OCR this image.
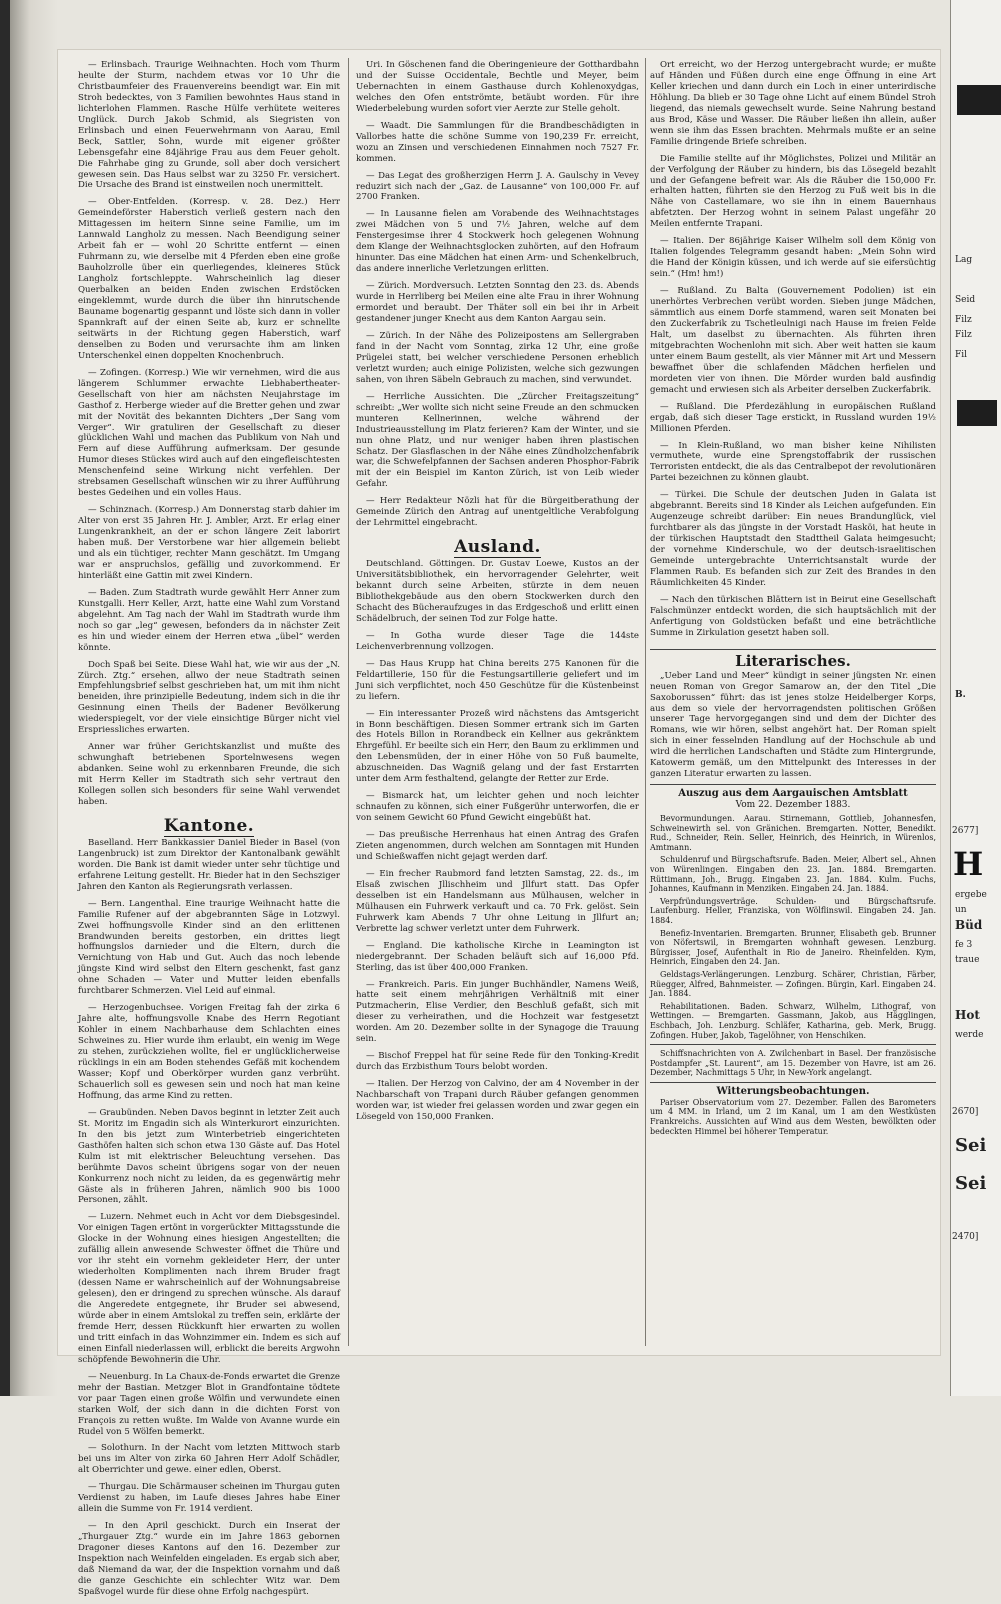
— Erlinsbach. Traurige Weihnachten. Hoch vom Thurm heulte der Sturm, nachdem etwas vor 10 Uhr die Christbaumfeier des Frauenvereins beendigt war. Ein mit Stroh bedecktes, von 3 Familien bewohntes Haus stand in lichterlohen Flammen. Rasche Hülfe verhütete weiteres Unglück. Durch Jakob Schmid, als Siegristen von Erlinsbach und einen Feuerwehrmann von Aarau, Emil Beck, Sattler, Sohn, wurde mit eigener größter Lebensgefahr eine 84jährige Frau aus dem Feuer geholt. Die Fahrhabe ging zu Grunde, soll aber doch versichert gewesen sein. Das Haus selbst war zu 3250 Fr. versichert. Die Ursache des Brand ist einstweilen noch unermittelt.

— Ober-Entfelden. (Korresp. v. 28. Dez.) Herr Gemeindeförster Haberstich verließ gestern nach den Mittagessen im heitern Sinne seine Familie, um im Lannwald Langholz zu messen. Nach Beendigung seiner Arbeit fah er — wohl 20 Schritte entfernt — einen Fuhrmann zu, wie derselbe mit 4 Pferden eben eine große Bauholzrolle über ein querliegendes, kleineres Stück Langholz fortschleppte. Wahrscheinlich lag dieser Querbalken an beiden Enden zwischen Erdstöcken eingeklemmt, wurde durch die über ihn hinrutschende Bauname bogenartig gespannt und löste sich dann in voller Spannkraft auf der einen Seite ab, kurz er schnellte seitwärts in der Richtung gegen Haberstich, warf denselben zu Boden und verursachte ihm am linken Unterschenkel einen doppelten Knochenbruch.

— Zofingen. (Korresp.) Wie wir vernehmen, wird die aus längerem Schlummer erwachte Liebhabertheater-Gesellschaft von hier am nächsten Neujahrstage im Gasthof z. Herberge wieder auf die Bretter gehen und zwar mit der Novität des bekannten Dichters „Der Sang vom Verger“. Wir gratuliren der Gesellschaft zu dieser glücklichen Wahl und machen das Publikum von Nah und Fern auf diese Aufführung aufmerksam. Der gesunde Humor dieses Stückes wird auch auf den eingefleischtesten Menschenfeind seine Wirkung nicht verfehlen. Der strebsamen Gesellschaft wünschen wir zu ihrer Aufführung bestes Gedeihen und ein volles Haus.

— Schinznach. (Korresp.) Am Donnerstag starb dahier im Alter von erst 35 Jahren Hr. J. Ambler, Arzt. Er erlag einer Lungenkrankheit, an der er schon längere Zeit laborirt haben muß. Der Verstorbene war hier allgemein beliebt und als ein tüchtiger, rechter Mann geschätzt. Im Umgang war er anspruchslos, gefällig und zuvorkommend. Er hinterläßt eine Gattin mit zwei Kindern.

— Baden. Zum Stadtrath wurde gewählt Herr Anner zum Kunstgalli. Herr Keller, Arzt, hatte eine Wahl zum Vorstand abgelehnt. Am Tag nach der Wahl im Stadtrath wurde ihm noch so gar „leg“ gewesen, befonders da in nächster Zeit es hin und wieder einem der Herren etwa „übel“ werden könnte.

Doch Spaß bei Seite. Diese Wahl hat, wie wir aus der „N. Zürch. Ztg.“ ersehen, allwo der neue Stadtrath seinen Empfehlungsbrief selbst geschrieben hat, um mit ihm nicht beneiden, ihre prinzipielle Bedeutung, indem sich in die ihr Gesinnung einen Theils der Badener Bevölkerung wiederspiegelt, vor der viele einsichtige Bürger nicht viel Erspriessliches erwarten.

Anner war früher Gerichtskanzlist und mußte des schwunghaft betriebenen Sportelnwesens wegen abdanken. Seine wohl zu erkennbaren Freunde, die sich mit Herrn Keller im Stadtrath sich sehr vertraut den Kollegen sollen sich besonders für seine Wahl verwendet haben.

Kantone.

Baselland. Herr Bankkassier Daniel Bieder in Basel (von Langenbruck) ist zum Direktor der Kantonalbank gewählt worden. Die Bank ist damit wieder unter sehr tüchtige und erfahrene Leitung gestellt. Hr. Bieder hat in den Sechsziger Jahren den Kanton als Regierungsrath verlassen.

— Bern. Langenthal. Eine traurige Weihnacht hatte die Familie Rufener auf der abgebrannten Säge in Lotzwyl. Zwei hoffnungsvolle Kinder sind an den erlittenen Brandwunden bereits gestorben, ein drittes liegt hoffnungslos darnieder und die Eltern, durch die Vernichtung von Hab und Gut. Auch das noch lebende jüngste Kind wird selbst den Eltern geschenkt, fast ganz ohne Schaden — Vater und Mutter leiden ebenfalls furchtbarer Schmerzen. Viel Leid auf einmal.

— Herzogenbuchsee. Vorigen Freitag fah der zirka 6 Jahre alte, hoffnungsvolle Knabe des Herrn Regotiant Kohler in einem Nachbarhause dem Schlachten eines Schweines zu. Hier wurde ihm erlaubt, ein wenig im Wege zu stehen, zurückziehen wollte, fiel er unglücklicherweise rücklings in ein am Boden stehendes Gefäß mit kochendem Wasser; Kopf und Oberkörper wurden ganz verbrüht. Schauerlich soll es gewesen sein und noch hat man keine Hoffnung, das arme Kind zu retten.

— Graubünden. Neben Davos beginnt in letzter Zeit auch St. Moritz im Engadin sich als Winterkurort einzurichten. In den bis jetzt zum Winterbetrieb eingerichteten Gasthöfen halten sich schon etwa 130 Gäste auf. Das Hotel Kulm ist mit elektrischer Beleuchtung versehen. Das berühmte Davos scheint übrigens sogar von der neuen Konkurrenz noch nicht zu leiden, da es gegenwärtig mehr Gäste als in früheren Jahren, nämlich 900 bis 1000 Personen, zählt.

— Luzern. Nehmet euch in Acht vor dem Diebsgesindel. Vor einigen Tagen ertönt in vorgerückter Mittagsstunde die Glocke in der Wohnung eines hiesigen Angestellten; die zufällig allein anwesende Schwester öffnet die Thüre und vor ihr steht ein vornehm gekleideter Herr, der unter wiederholten Komplimenten nach ihrem Bruder fragt (dessen Name er wahrscheinlich auf der Wohnungsabreise gelesen), den er dringend zu sprechen wünsche. Als darauf die Angeredete entgegnete, ihr Bruder sei abwesend, würde aber in einem Amtslokal zu treffen sein, erklärte der fremde Herr, dessen Rückkunft hier erwarten zu wollen und tritt einfach in das Wohnzimmer ein. Indem es sich auf einen Einfall niederlassen will, erblickt die bereits Argwohn schöpfende Bewohnerin die Uhr.

— Neuenburg. In La Chaux-de-Fonds erwartet die Grenze mehr der Bastian. Metzger Blot in Grandfontaine tödtete vor paar Tagen einen große Wölfin und verwundete einen starken Wolf, der sich dann in die dichten Forst von François zu retten wußte. Im Walde von Avanne wurde ein Rudel von 5 Wölfen bemerkt.

— Solothurn. In der Nacht vom letzten Mittwoch starb bei uns im Alter von zirka 60 Jahren Herr Adolf Schädler, alt Oberrichter und gewe. einer edlen, Oberst.

— Thurgau. Die Schärmauser scheinen im Thurgau guten Verdienst zu haben, im Laufe dieses Jahres habe Einer allein die Summe von Fr. 1914 verdient.

— In den April geschickt. Durch ein Inserat der „Thurgauer Ztg.“ wurde ein im Jahre 1863 gebornen Dragoner dieses Kantons auf den 16. Dezember zur Inspektion nach Weinfelden eingeladen. Es ergab sich aber, daß Niemand da war, der die Inspektion vornahm und daß die ganze Geschichte ein schlechter Witz war. Dem Spaßvogel wurde für diese ohne Erfolg nachgespürt.

Uri. In Göschenen fand die Oberingenieure der Gotthardbahn und der Suisse Occidentale, Bechtle und Meyer, beim Uebernachten in einem Gasthause durch Kohlenoxydgas, welches den Ofen entströmte, betäubt worden. Für ihre Wiederbelebung wurden sofort vier Aerzte zur Stelle geholt.

— Waadt. Die Sammlungen für die Brandbeschädigten in Vallorbes hatte die schöne Summe von 190,239 Fr. erreicht, wozu an Zinsen und verschiedenen Einnahmen noch 7527 Fr. kommen.

— Das Legat des großherzigen Herrn J. A. Gaulschy in Vevey reduzirt sich nach der „Gaz. de Lausanne“ von 100,000 Fr. auf 2700 Franken.

— In Lausanne fielen am Vorabende des Weihnachtstages zwei Mädchen von 5 und 7½ Jahren, welche auf dem Fenstergesimse ihrer 4 Stockwerk hoch gelegenen Wohnung dem Klange der Weihnachtsglocken zuhörten, auf den Hofraum hinunter. Das eine Mädchen hat einen Arm- und Schenkelbruch, das andere innerliche Verletzungen erlitten.

— Zürich. Mordversuch. Letzten Sonntag den 23. ds. Abends wurde in Herrliberg bei Meilen eine alte Frau in ihrer Wohnung ermordet und beraubt. Der Thäter soll ein bei ihr in Arbeit gestandener junger Knecht aus dem Kanton Aargau sein.

— Zürich. In der Nähe des Polizeipostens am Sellergraben fand in der Nacht vom Sonntag, zirka 12 Uhr, eine große Prügelei statt, bei welcher verschiedene Personen erheblich verletzt wurden; auch einige Polizisten, welche sich gezwungen sahen, von ihren Säbeln Gebrauch zu machen, sind verwundet.

— Herrliche Aussichten. Die „Zürcher Freitagszeitung“ schreibt: „Wer wollte sich nicht seine Freude an den schmucken munteren Kellnerinnen, welche während der Industrieausstellung im Platz ferieren? Kam der Winter, und sie nun ohne Platz, und nur weniger haben ihren plastischen Schatz. Der Glasflaschen in der Nähe eines Zündholzchenfabrik war, die Schwefelpfannen der Sachsen anderen Phosphor-Fabrik mit der ein Beispiel im Kanton Zürich, ist von Leib wieder Gefahr.

— Herr Redakteur Nözli hat für die Bürgeitberathung der Gemeinde Zürich den Antrag auf unentgeltliche Verabfolgung der Lehrmittel eingebracht.

Ausland.

Deutschland. Göttingen. Dr. Gustav Loewe, Kustos an der Universitätsbibliothek, ein hervorragender Gelehrter, weit bekannt durch seine Arbeiten, stürzte in dem neuen Bibliothekgebäude aus den obern Stockwerken durch den Schacht des Bücheraufzuges in das Erdgeschoß und erlitt einen Schädelbruch, der seinen Tod zur Folge hatte.

— In Gotha wurde dieser Tage die 144ste Leichenverbrennung vollzogen.

— Das Haus Krupp hat China bereits 275 Kanonen für die Feldartillerie, 150 für die Festungsartillerie geliefert und im Juni sich verpflichtet, noch 450 Geschütze für die Küstenbeinst zu liefern.

— Ein interessanter Prozeß wird nächstens das Amtsgericht in Bonn beschäftigen. Diesen Sommer ertrank sich im Garten des Hotels Billon in Rorandbeck ein Kellner aus gekränktem Ehrgefühl. Er beeilte sich ein Herr, den Baum zu erklimmen und den Lebensmüden, der in einer Höhe von 50 Fuß baumelte, abzuschneiden. Das Wagniß gelang und der fast Erstarrten unter dem Arm festhaltend, gelangte der Retter zur Erde.

— Bismarck hat, um leichter gehen und noch leichter schnaufen zu können, sich einer Fußgerühr unterworfen, die er von seinem Gewicht 60 Pfund Gewicht eingebüßt hat.

— Das preußische Herrenhaus hat einen Antrag des Grafen Zieten angenommen, durch welchen am Sonntagen mit Hunden und Schießwaffen nicht gejagt werden darf.

— Ein frecher Raubmord fand letzten Samstag, 22. ds., im Elsaß zwischen Jllischheim und Jllfurt statt. Das Opfer desselben ist ein Handelsmann aus Mülhausen, welcher in Mülhausen ein Fuhrwerk verkauft und ca. 70 Frk. gelöst. Sein Fuhrwerk kam Abends 7 Uhr ohne Leitung in Jllfurt an; Verbrette lag schwer verletzt unter dem Fuhrwerk.

— England. Die katholische Kirche in Leamington ist niedergebrannt. Der Schaden beläuft sich auf 16,000 Pfd. Sterling, das ist über 400,000 Franken.

— Frankreich. Paris. Ein junger Buchhändler, Namens Weiß, hatte seit einem mehrjährigen Verhältniß mit einer Putzmacherin, Elise Verdier, den Beschluß gefaßt, sich mit dieser zu verheirathen, und die Hochzeit war festgesetzt worden. Am 20. Dezember sollte in der Synagoge die Trauung sein.

— Bischof Freppel hat für seine Rede für den Tonking-Kredit durch das Erzbisthum Tours belobt worden.

— Italien. Der Herzog von Calvino, der am 4 November in der Nachbarschaft von Trapani durch Räuber gefangen genommen worden war, ist wieder frei gelassen worden und zwar gegen ein Lösegeld von 150,000 Franken.

Ort erreicht, wo der Herzog untergebracht wurde; er mußte auf Händen und Füßen durch eine enge Öffnung in eine Art Keller kriechen und dann durch ein Loch in einer unterirdische Höhlung. Da blieb er 30 Tage ohne Licht auf einem Bündel Stroh liegend, das niemals gewechselt wurde. Seine Nahrung bestand aus Brod, Käse und Wasser. Die Räuber ließen ihn allein, außer wenn sie ihm das Essen brachten. Mehrmals mußte er an seine Familie dringende Briefe schreiben.

Die Familie stellte auf ihr Möglichstes, Polizei und Militär an der Verfolgung der Räuber zu hindern, bis das Lösegeld bezahlt und der Gefangene befreit war. Als die Räuber die 150,000 Fr. erhalten hatten, führten sie den Herzog zu Fuß weit bis in die Nähe von Castellamare, wo sie ihn in einem Bauernhaus abfetzten. Der Herzog wohnt in seinem Palast ungefähr 20 Meilen entfernte Trapani.

— Italien. Der 86jährige Kaiser Wilhelm soll dem König von Italien folgendes Telegramm gesandt haben: „Mein Sohn wird die Hand der Königin küssen, und ich werde auf sie eifersüchtig sein.“ (Hm! hm!)

— Rußland. Zu Balta (Gouvernement Podolien) ist ein unerhörtes Verbrechen verübt worden. Sieben junge Mädchen, sämmtlich aus einem Dorfe stammend, waren seit Monaten bei den Zuckerfabrik zu Tschetleulnigi nach Hause im freien Felde Halt, um daselbst zu übernachten. Als führten ihren mitgebrachten Wochenlohn mit sich. Aber weit hatten sie kaum unter einem Baum gestellt, als vier Männer mit Art und Messern bewaffnet über die schlafenden Mädchen herfielen und mordeten vier von ihnen. Die Mörder wurden bald ausfindig gemacht und erwiesen sich als Arbeiter derselben Zuckerfabrik.

— Rußland. Die Pferdezählung in europäischen Rußland ergab, daß sich dieser Tage erstickt, in Russland wurden 19½ Millionen Pferden.

— In Klein-Rußland, wo man bisher keine Nihilisten vermuthete, wurde eine Sprengstoffabrik der russischen Terroristen entdeckt, die als das Centralbepot der revolutionären Partei bezeichnen zu können glaubt.

— Türkei. Die Schule der deutschen Juden in Galata ist abgebrannt. Bereits sind 18 Kinder als Leichen aufgefunden. Ein Augenzeuge schreibt darüber: Ein neues Brandunglück, viel furchtbarer als das jüngste in der Vorstadt Hasköi, hat heute in der türkischen Hauptstadt den Stadttheil Galata heimgesucht; der vornehme Kinderschule, wo der deutsch-israelitischen Gemeinde untergebrachte Unterrichtsanstalt wurde der Flammen Raub. Es befanden sich zur Zeit des Brandes in den Räumlichkeiten 45 Kinder.

— Nach den türkischen Blättern ist in Beirut eine Gesellschaft Falschmünzer entdeckt worden, die sich hauptsächlich mit der Anfertigung von Goldstücken befaßt und eine beträchtliche Summe in Zirkulation gesetzt haben soll.

Literarisches.

„Ueber Land und Meer“ kündigt in seiner jüngsten Nr. einen neuen Roman von Gregor Samarow an, der den Titel „Die Saxoborussen“ führt: das ist jenes stolze Heidelberger Korps, aus dem so viele der hervorragendsten politischen Größen unserer Tage hervorgegangen sind und dem der Dichter des Romans, wie wir hören, selbst angehört hat. Der Roman spielt sich in einer fesselnden Handlung auf der Hochschule ab und wird die herrlichen Landschaften und Städte zum Hintergrunde, Katowerm gemäß, um den Mittelpunkt des Interesses in der ganzen Literatur erwarten zu lassen.

Auszug aus dem Aargauischen Amtsblatt
Vom 22. Dezember 1883.

Bevormundungen. Aarau. Stirnemann, Gottlieb, Johannesfen, Schweinewirth sel. von Gränichen. Bremgarten. Notter, Benedikt. Rud., Schneider, Rein. Seller, Heinrich, des Heinrich, in Würenlos, Amtmann.

Schuldenruf und Bürgschaftsrufe. Baden. Meier, Albert sel., Ahnen von Würenlingen. Eingaben den 23. Jan. 1884. Bremgarten. Rüttimann, Joh., Brugg. Eingaben 23. Jan. 1884. Kulm. Fuchs, Johannes, Kaufmann in Menziken. Eingaben 24. Jan. 1884.

Verpfründungsverträge. Schulden- und Bürgschaftsrufe. Laufenburg. Heller, Franziska, von Wölflinswil. Eingaben 24. Jan. 1884.

Benefiz-Inventarien. Bremgarten. Brunner, Elisabeth geb. Brunner von Nöfertswil, in Bremgarten wohnhaft gewesen. Lenzburg. Bürgisser, Josef, Aufenthalt in Rio de Janeiro. Rheinfelden. Kym, Heinrich, Eingaben den 24. Jan.

Geldstags-Verlängerungen. Lenzburg. Schärer, Christian, Färber, Rüegger, Alfred, Bahnmeister. — Zofingen. Bürgin, Karl. Eingaben 24. Jan. 1884.

Rehabilitationen. Baden. Schwarz, Wilhelm, Lithograf, von Wettingen. — Bremgarten. Gassmann, Jakob, aus Hägglingen, Eschbach, Joh. Lenzburg. Schläfer, Katharina, geb. Merk, Brugg. Zofingen. Huber, Jakob, Tagelöhner, von Henschiken.

Schiffsnachrichten von A. Zwilchenbart in Basel. Der französische Postdampfer „St. Laurent“, am 15. Dezember von Havre, ist am 26. Dezember, Nachmittags 5 Uhr, in New-York angelangt.

Witterungsbeobachtungen.

Pariser Observatorium vom 27. Dezember. Fallen des Barometers um 4 MM. in Irland, um 2 im Kanal, um 1 am den Westküsten Frankreichs. Aussichten auf Wind aus dem Westen, bewölkten oder bedeckten Himmel bei höherer Temperatur.

Lag
Seid
Filz
Filz
Fil
B.
H
ergebe
un
Büd
fe 3
traue
Hot
werde
Sei
Sei
2677]
2670]
2470]
